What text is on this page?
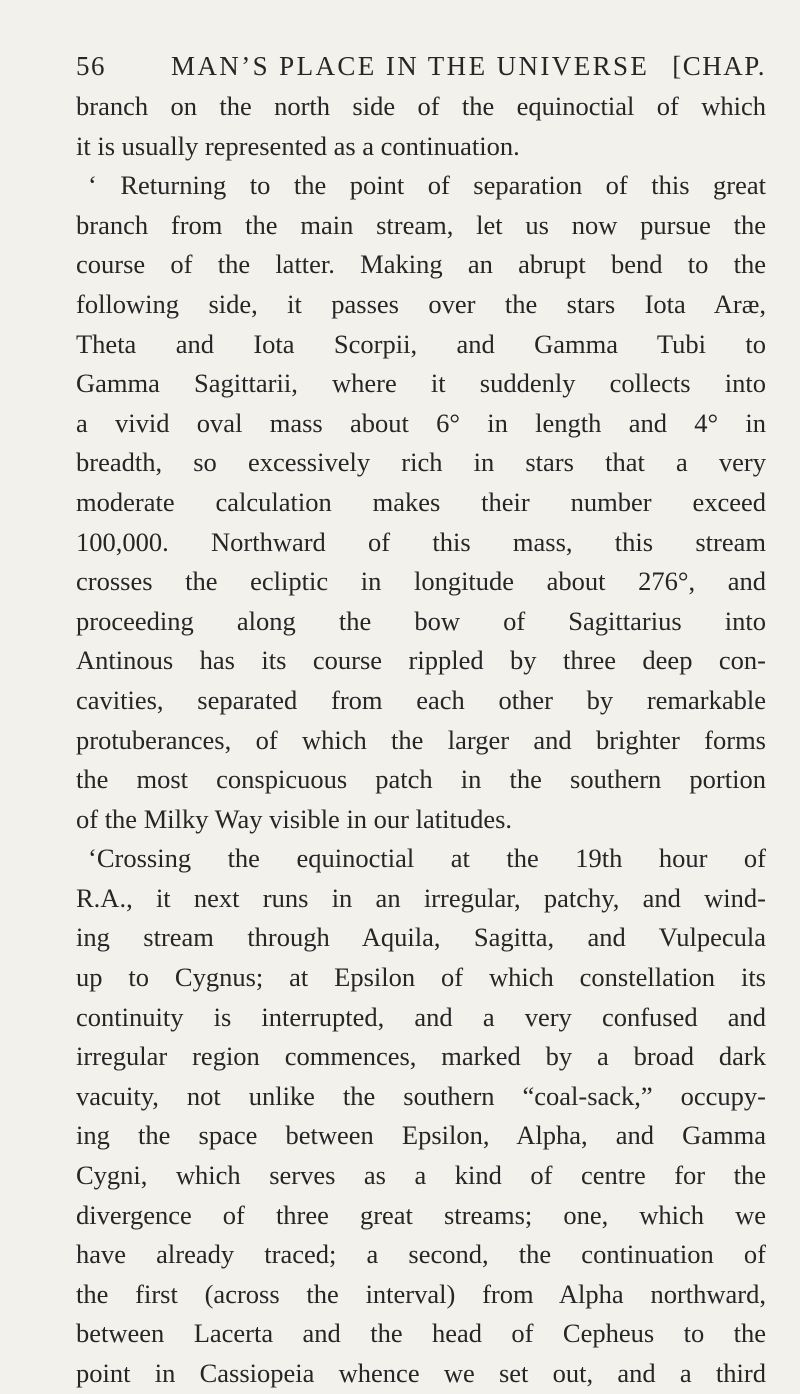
56 MAN’S PLACE IN THE UNIVERSE [CHAP.
branch on the north side of the equinoctial of which
it is usually represented as a continuation.
‘ Returning to the point of separation of this great
branch from the main stream, let us now pursue the
course of the latter. Making an abrupt bend to the
following side, it passes over the stars Iota Aræ,
Theta and Iota Scorpii, and Gamma Tubi to
Gamma Sagittarii, where it suddenly collects into
a vivid oval mass about 6° in length and 4° in
breadth, so excessively rich in stars that a very
moderate calculation makes their number exceed
100,000. Northward of this mass, this stream
crosses the ecliptic in longitude about 276°, and
proceeding along the bow of Sagittarius into
Antinous has its course rippled by three deep con-
cavities, separated from each other by remarkable
protuberances, of which the larger and brighter forms
the most conspicuous patch in the southern portion
of the Milky Way visible in our latitudes.
‘Crossing the equinoctial at the 19th hour of
R.A., it next runs in an irregular, patchy, and wind-
ing stream through Aquila, Sagitta, and Vulpecula
up to Cygnus; at Epsilon of which constellation its
continuity is interrupted, and a very confused and
irregular region commences, marked by a broad dark
vacuity, not unlike the southern “coal-sack,” occupy-
ing the space between Epsilon, Alpha, and Gamma
Cygni, which serves as a kind of centre for the
divergence of three great streams; one, which we
have already traced; a second, the continuation of
the first (across the interval) from Alpha northward,
between Lacerta and the head of Cepheus to the
point in Cassiopeia whence we set out, and a third
